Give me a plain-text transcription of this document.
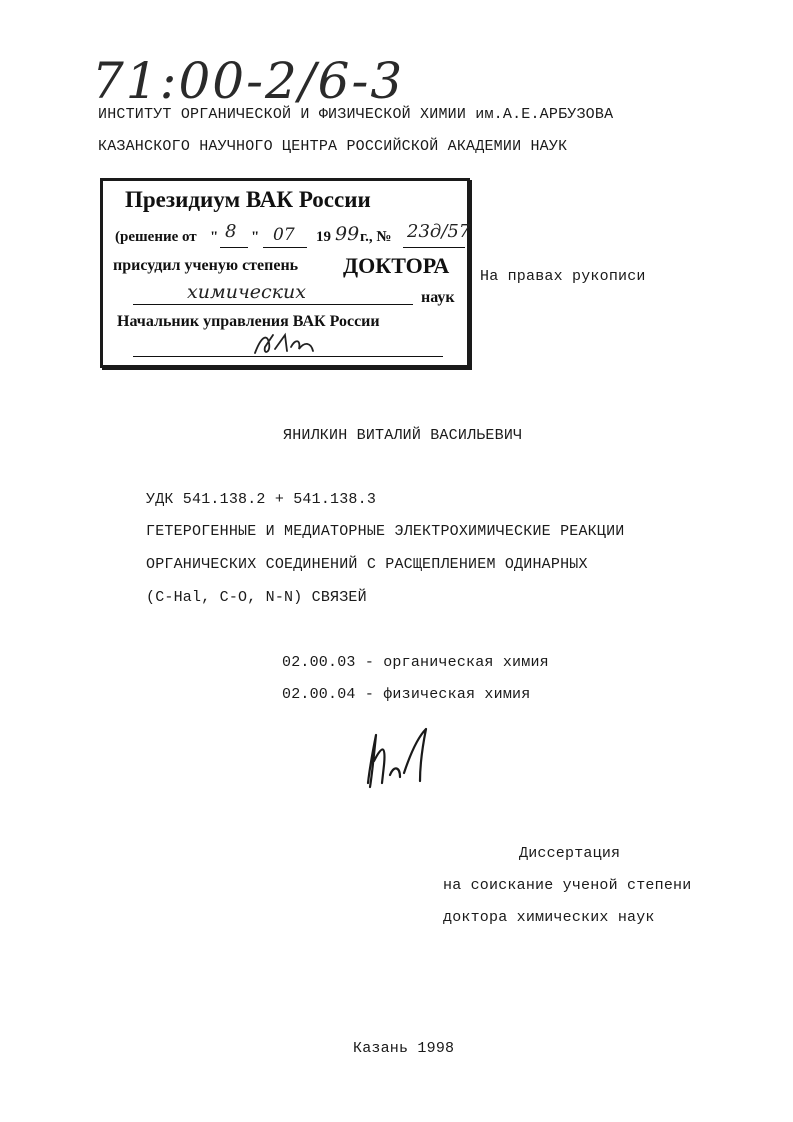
71:00-2/6-3
ИНСТИТУТ ОРГАНИЧЕСКОЙ И ФИЗИЧЕСКОЙ ХИМИИ им.А.Е.АРБУЗОВА
КАЗАНСКОГО НАУЧНОГО ЦЕНТРА РОССИЙСКОЙ АКАДЕМИИ НАУК
Президиум ВАК России
(решение от " 8 " 07 19 99 г., № 23д/57
присудил ученую степень ДОКТОРА
химических	наук
Начальник управления ВАК России
На правах рукописи
ЯНИЛКИН ВИТАЛИЙ ВАСИЛЬЕВИЧ
УДК 541.138.2 + 541.138.3
ГЕТЕРОГЕННЫЕ И МЕДИАТОРНЫЕ ЭЛЕКТРОХИМИЧЕСКИЕ РЕАКЦИИ
ОРГАНИЧЕСКИХ СОЕДИНЕНИЙ С РАСЩЕПЛЕНИЕМ ОДИНАРНЫХ
(C-Hal, C-O, N-N) СВЯЗЕЙ
02.00.03 - органическая химия
02.00.04 - физическая химия
Диссертация
на соискание ученой степени
доктора химических наук
Казань 1998
